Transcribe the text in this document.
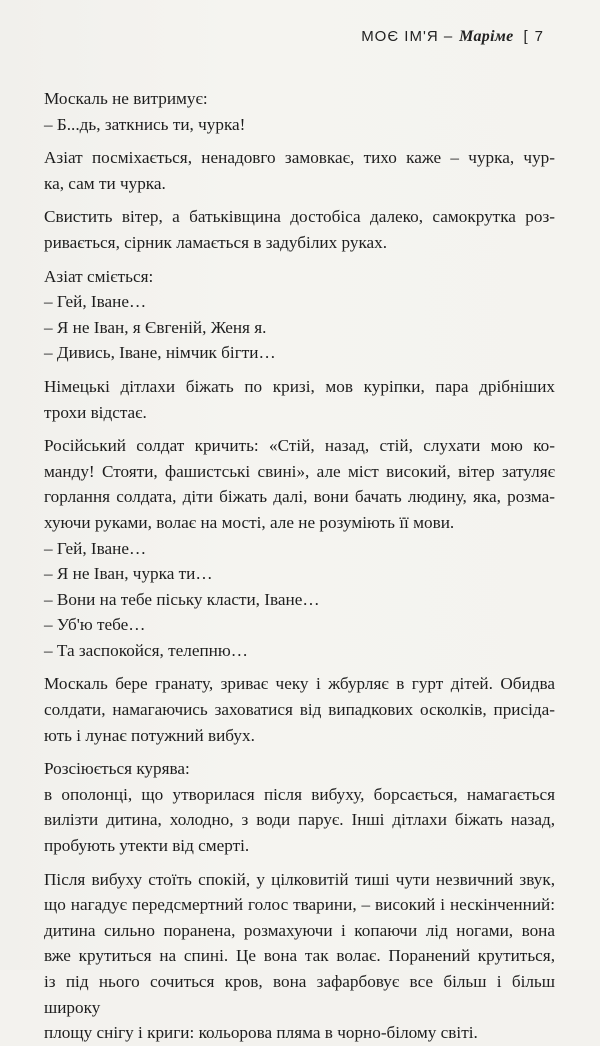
МОЄ ІМ'Я – Маріме [ 7
Москаль не витримує:
– Б...дь, заткнись ти, чурка!
Азіат посміхається, ненадовго замовкає, тихо каже – чурка, чур-
ка, сам ти чурка.
Свистить вітер, а батьківщина достобіса далеко, самокрутка роз-
ривається, сірник ламається в задубілих руках.
Азіат сміється:
– Гей, Іване…
– Я не Іван, я Євгеній, Женя я.
– Дивись, Іване, німчик бігти…
Німецькі дітлахи біжать по кризі, мов куріпки, пара дрібніших
трохи відстає.
Російський солдат кричить: «Стій, назад, стій, слухати мою ко-
манду! Стояти, фашистські свині», але міст високий, вітер затуляє
горлання солдата, діти біжать далі, вони бачать людину, яка, розма-
хуючи руками, волає на мості, але не розуміють її мови.
– Гей, Іване…
– Я не Іван, чурка ти…
– Вони на тебе піську класти, Іване…
– Уб'ю тебе…
– Та заспокойся, телепню…
Москаль бере гранату, зриває чеку і жбурляє в гурт дітей. Обидва
солдати, намагаючись заховатися від випадкових осколків, присіда-
ють і лунає потужний вибух.
Розсіюється курява:
в ополонці, що утворилася після вибуху, борсається, намагається
вилізти дитина, холодно, з води парує. Інші дітлахи біжать назад,
пробують утекти від смерті.
Після вибуху стоїть спокій, у цілковитій тиші чути незвичний звук,
що нагадує передсмертний голос тварини, – високий і нескінченний:
дитина сильно поранена, розмахуючи і копаючи лід ногами, вона
вже крутиться на спині. Це вона так волає. Поранений крутиться,
із під нього сочиться кров, вона зафарбовує все більш і більш широку
площу снігу і криги: кольорова пляма в чорно-білому світі.
